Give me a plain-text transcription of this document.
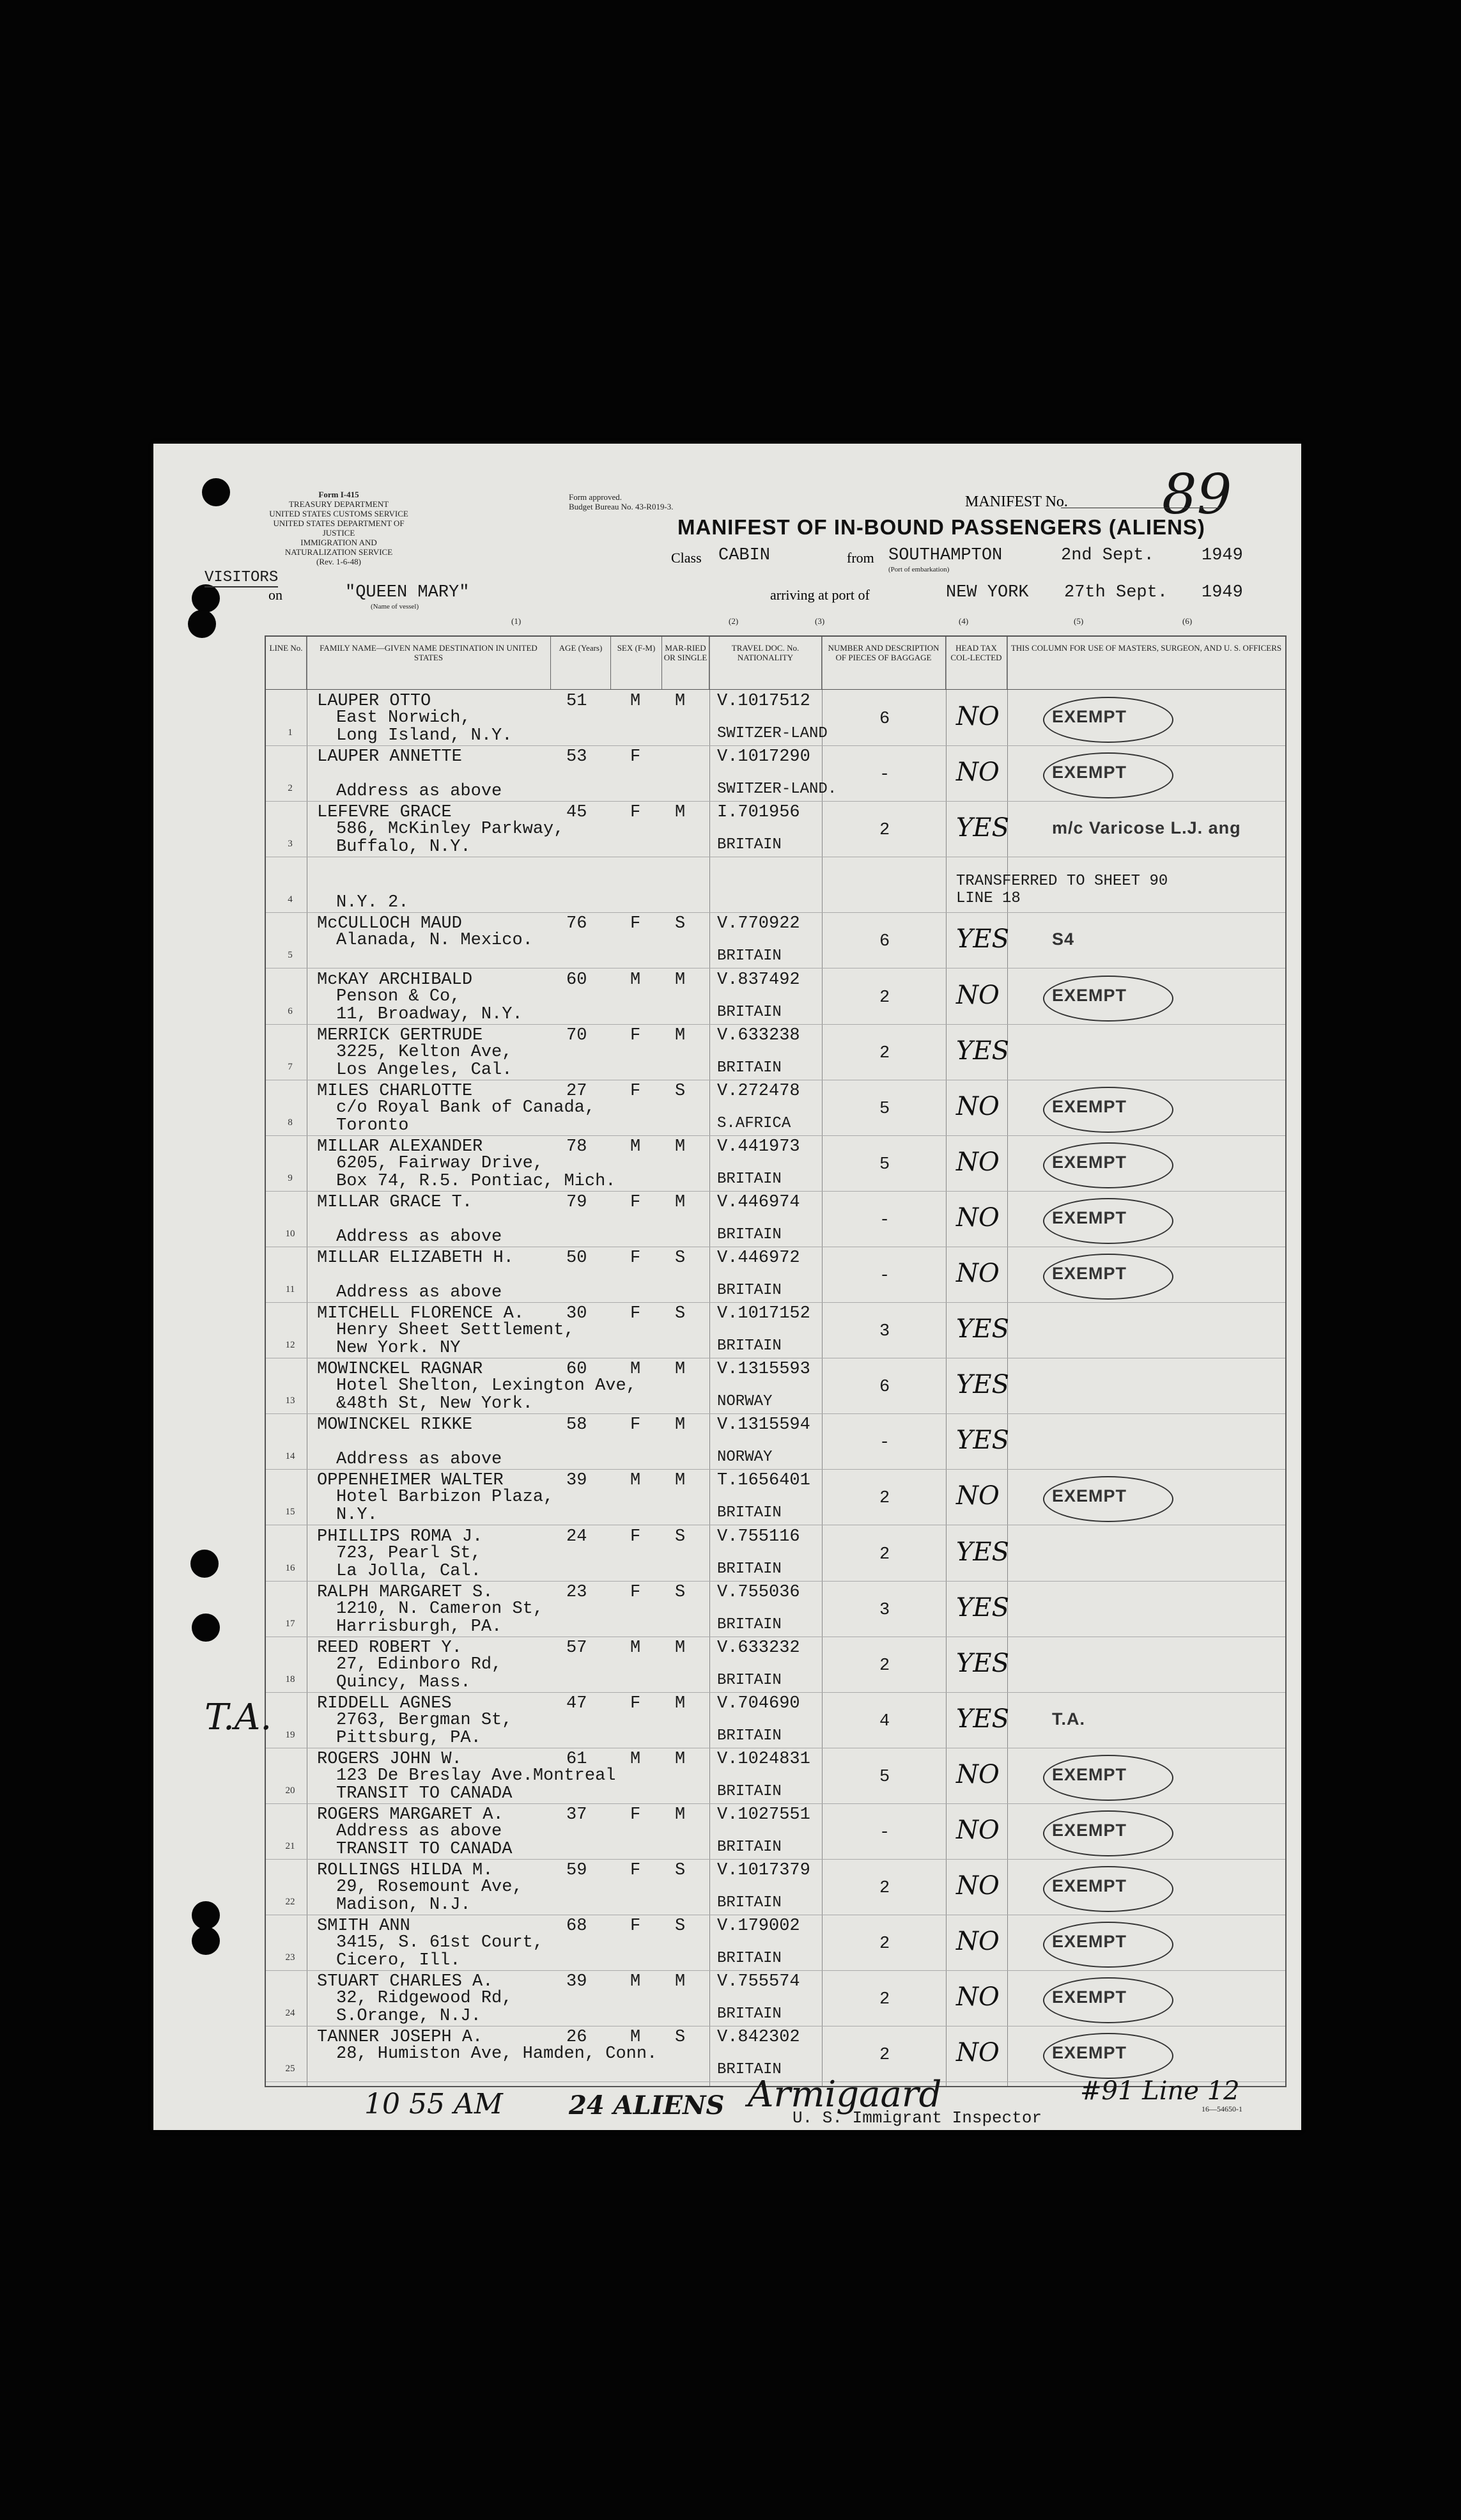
Form I-415
TREASURY DEPARTMENT
UNITED STATES CUSTOMS SERVICE
UNITED STATES DEPARTMENT OF JUSTICE
IMMIGRATION AND NATURALIZATION SERVICE
(Rev. 1-6-48)
Form approved.
Budget Bureau No. 43-R019-3.	MANIFEST No. 89
MANIFEST OF IN-BOUND PASSENGERS (ALIENS)
VISITORS
Class CABIN	from SOUTHAMPTON
(Port of embarkation)
2nd Sept.	1949
on	"QUEEN MARY"
(Name of vessel)
arriving at port of	NEW YORK 27th Sept. 1949
(1)	(2)	(3)	(4)	(5)	(6)
LINE No.	FAMILY NAME—GIVEN NAME DESTINATION IN UNITED STATES
AGE (Years)	SEX (F-M)	MAR-RIED OR SINGLE
TRAVEL DOC. No. NATIONALITY
NUMBER AND DESCRIPTION OF PIECES OF BAGGAGE
HEAD TAX COL-LECTED
THIS COLUMN FOR USE OF MASTERS, SURGEON, AND U. S. OFFICERS
1
LAUPER OTTO
East Norwich,
Long Island, N.Y.
51	M M V.1017512
SWITZER-LAND
6	NO	EXEMPT
2
LAUPER ANNETTE
Address as above
53	F	V.1017290
SWITZER-LAND.
-	NO	EXEMPT
3
LEFEVRE GRACE
586, McKinley Parkway,
Buffalo, N.Y.
45	F M I.701956
BRITAIN
2	YES m/c Varicose L.J. ang
4	N.Y. 2.
TRANSFERRED TO SHEET 90 LINE 18
5
McCULLOCH MAUD
Alanada, N. Mexico.
76	F S V.770922
BRITAIN
6	YES S4
6
McKAY ARCHIBALD
Penson & Co,
11, Broadway, N.Y.
60	M M V.837492
BRITAIN
2	NO	EXEMPT
7
MERRICK GERTRUDE
3225, Kelton Ave,
Los Angeles, Cal.
70	F M V.633238
BRITAIN
2	YES
8
MILES CHARLOTTE
c/o Royal Bank of Canada,
Toronto
27	F S V.272478
S.AFRICA
5	NO	EXEMPT
9
MILLAR ALEXANDER
6205, Fairway Drive,
Box 74, R.5. Pontiac, Mich.
78	M M V.441973
BRITAIN
5	NO	EXEMPT
10
MILLAR GRACE T.
Address as above
79	F M V.446974
BRITAIN
-	NO	EXEMPT
11
MILLAR ELIZABETH H.
Address as above
50	F S V.446972
BRITAIN
-	NO	EXEMPT
12
MITCHELL FLORENCE A.
Henry Sheet Settlement,
New York. NY
30	F S V.1017152
BRITAIN
3	YES
13
MOWINCKEL RAGNAR
Hotel Shelton, Lexington Ave,
&48th St, New York.
60	M M V.1315593
NORWAY
6	YES
14
MOWINCKEL RIKKE
Address as above
58	F M V.1315594
NORWAY
-	YES
15
OPPENHEIMER WALTER
Hotel Barbizon Plaza,
N.Y.
39	M M T.1656401
BRITAIN
2	NO	EXEMPT
16
PHILLIPS ROMA J.
723, Pearl St,
La Jolla, Cal.
24	F S V.755116
BRITAIN
2	YES
17
RALPH MARGARET S.
1210, N. Cameron St,
Harrisburgh, PA.
23	F S V.755036
BRITAIN
3	YES
18
REED ROBERT Y.
27, Edinboro Rd,
Quincy, Mass.
57	M M V.633232
BRITAIN
2	YES
19
RIDDELL AGNES
2763, Bergman St,
Pittsburg, PA.
47	F M V.704690
BRITAIN
4	YES T.A.
20
ROGERS JOHN W.
123 De Breslay Ave.Montreal
TRANSIT TO CANADA
61	M M V.1024831
BRITAIN
5	NO	EXEMPT
21
ROGERS MARGARET A.
Address as above
TRANSIT TO CANADA
37	F M V.1027551
BRITAIN
-	NO	EXEMPT
22
ROLLINGS HILDA M.
29, Rosemount Ave,
Madison, N.J.
59	F S V.1017379
BRITAIN
2	NO	EXEMPT
23
SMITH ANN
3415, S. 61st Court,
Cicero, Ill.
68	F S V.179002
BRITAIN
2	NO	EXEMPT
24
STUART CHARLES A.
32, Ridgewood Rd,
S.Orange, N.J.
39	M M V.755574
BRITAIN
2	NO	EXEMPT
25
TANNER JOSEPH A.
28, Humiston Ave, Hamden, Conn.
26	M S V.842302
BRITAIN
2	NO	EXEMPT
10 55 AM	24 ALIENS Armigaard	#91 Line 12
U. S. Immigrant Inspector	16—54650-1
T.A.
